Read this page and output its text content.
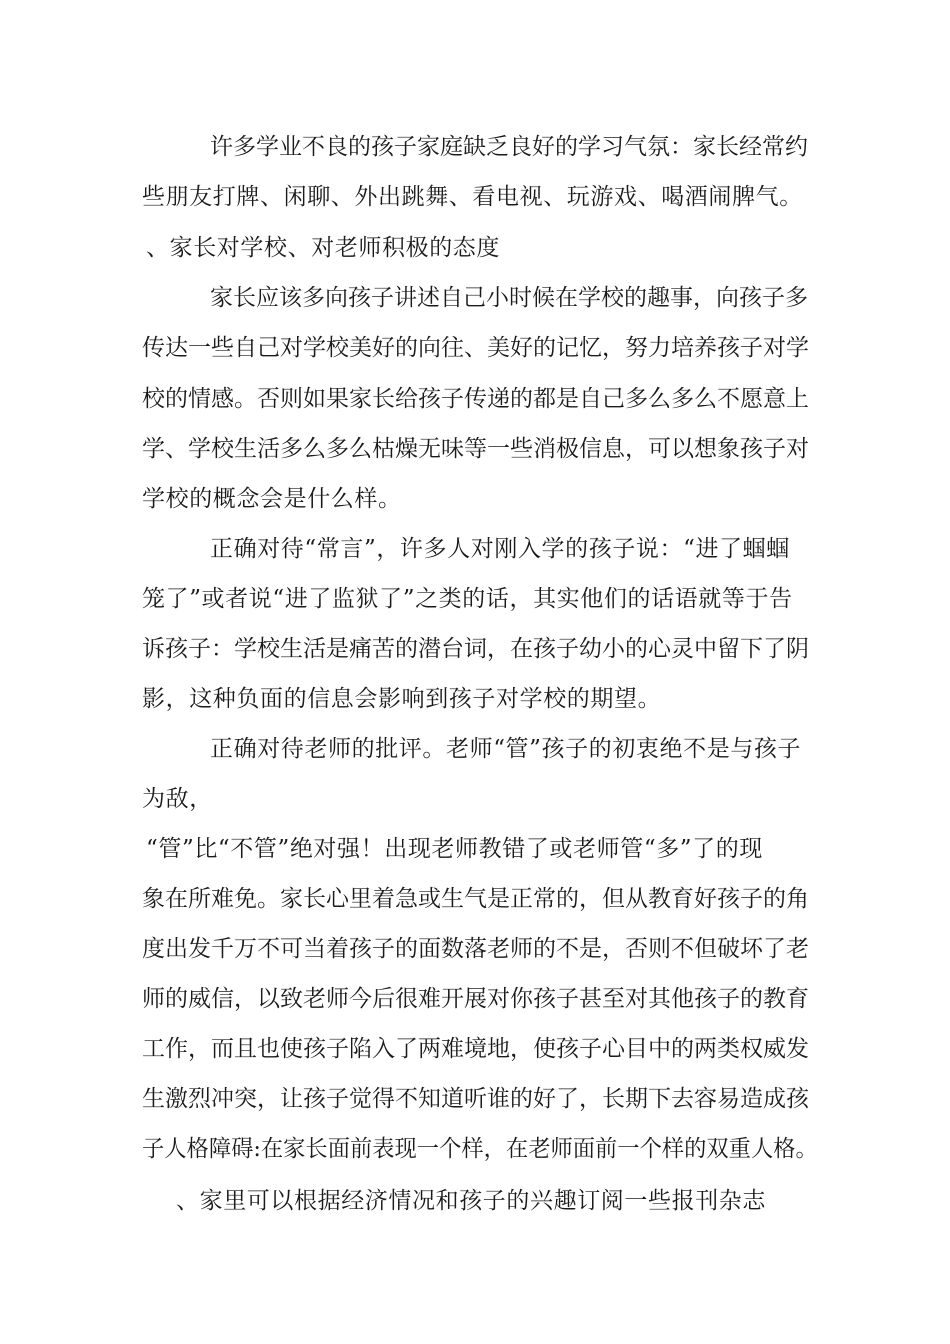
许多学业不良的孩子家庭缺乏良好的学习气氛：家长经常约
些朋友打牌、闲聊、外出跳舞、看电视、玩游戏、喝酒闹脾气。
、家长对学校、对老师积极的态度
家长应该多向孩子讲述自己小时候在学校的趣事，向孩子多
传达一些自己对学校美好的向往、美好的记忆，努力培养孩子对学
校的情感。否则如果家长给孩子传递的都是自己多么多么不愿意上
学、学校生活多么多么枯燥无味等一些消极信息，可以想象孩子对
学校的概念会是什么样。
正确对待“常言”，许多人对刚入学的孩子说：“进了蝈蝈
笼了”或者说“进了监狱了”之类的话，其实他们的话语就等于告
诉孩子：学校生活是痛苦的潜台词，在孩子幼小的心灵中留下了阴
影，这种负面的信息会影响到孩子对学校的期望。
正确对待老师的批评。老师“管”孩子的初衷绝不是与孩子
为敌，
“管”比“不管”绝对强！出现老师教错了或老师管“多”了的现
象在所难免。家长心里着急或生气是正常的，但从教育好孩子的角
度出发千万不可当着孩子的面数落老师的不是，否则不但破坏了老
师的威信，以致老师今后很难开展对你孩子甚至对其他孩子的教育
工作，而且也使孩子陷入了两难境地，使孩子心目中的两类权威发
生激烈冲突，让孩子觉得不知道听谁的好了，长期下去容易造成孩
子人格障碍:在家长面前表现一个样，在老师面前一个样的双重人格。
、家里可以根据经济情况和孩子的兴趣订阅一些报刊杂志
